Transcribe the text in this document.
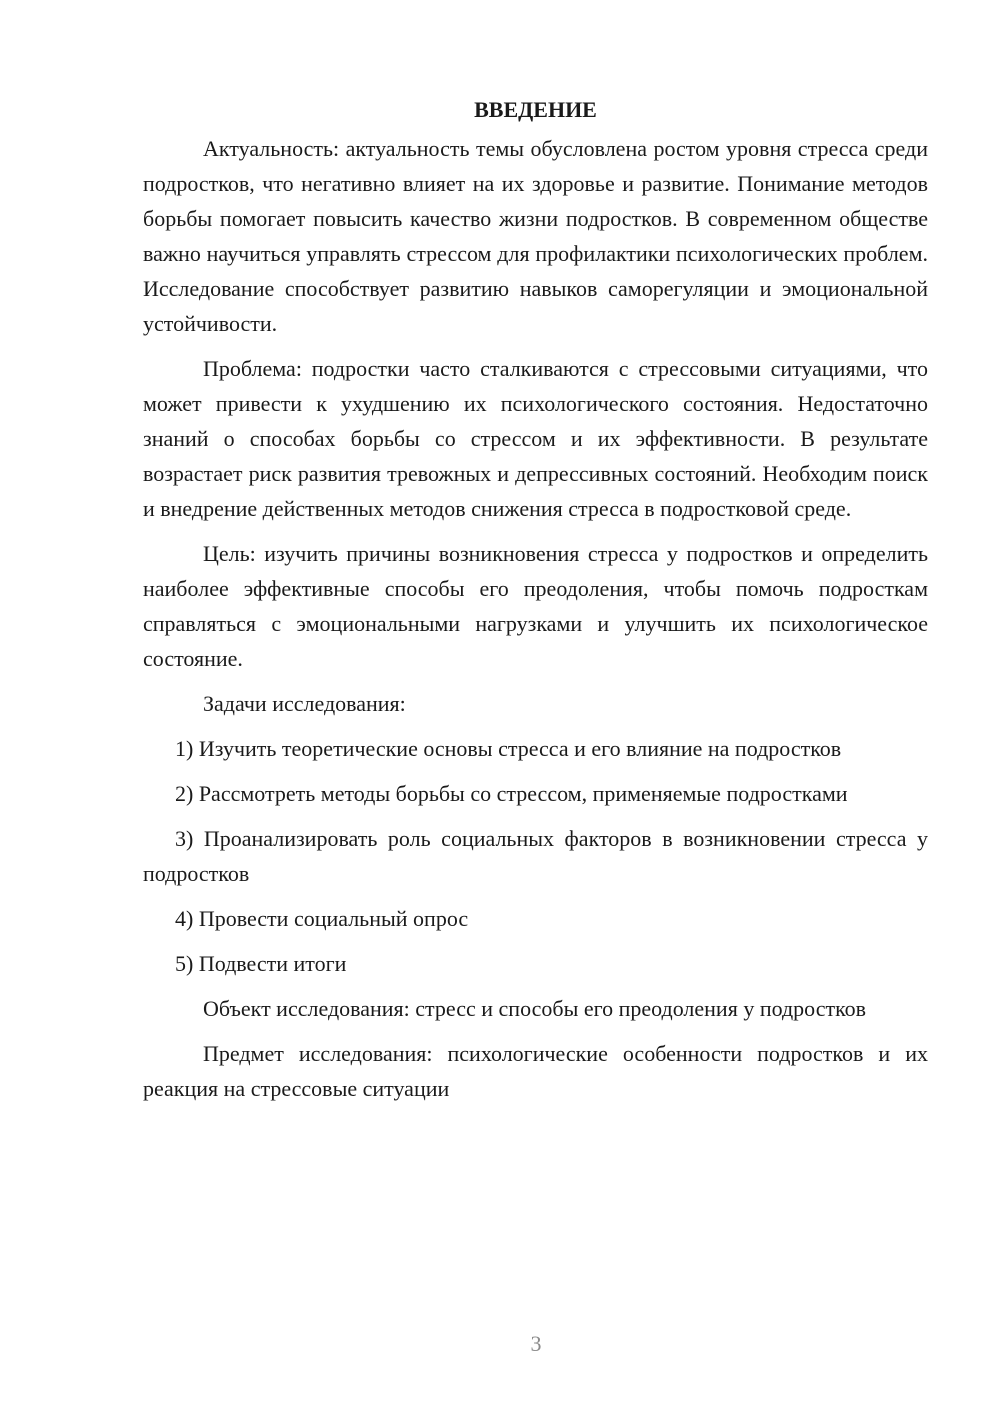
ВВЕДЕНИЕ

Актуальность: актуальность темы обусловлена ростом уровня стресса среди подростков, что негативно влияет на их здоровье и развитие. Понимание методов борьбы помогает повысить качество жизни подростков. В современном обществе важно научиться управлять стрессом для профилактики психологических проблем. Исследование способствует развитию навыков саморегуляции и эмоциональной устойчивости.

Проблема: подростки часто сталкиваются с стрессовыми ситуациями, что может привести к ухудшению их психологического состояния. Недостаточно знаний о способах борьбы со стрессом и их эффективности. В результате возрастает риск развития тревожных и депрессивных состояний. Необходим поиск и внедрение действенных методов снижения стресса в подростковой среде.

Цель: изучить причины возникновения стресса у подростков и определить наиболее эффективные способы его преодоления, чтобы помочь подросткам справляться с эмоциональными нагрузками и улучшить их психологическое состояние.

Задачи исследования:

1) Изучить теоретические основы стресса и его влияние на подростков

2) Рассмотреть методы борьбы со стрессом, применяемые подростками

3) Проанализировать роль социальных факторов в возникновении стресса у подростков

4) Провести социальный опрос

5) Подвести итоги

Объект исследования: стресс и способы его преодоления у подростков

Предмет исследования: психологические особенности подростков и их реакция на стрессовые ситуации

3
